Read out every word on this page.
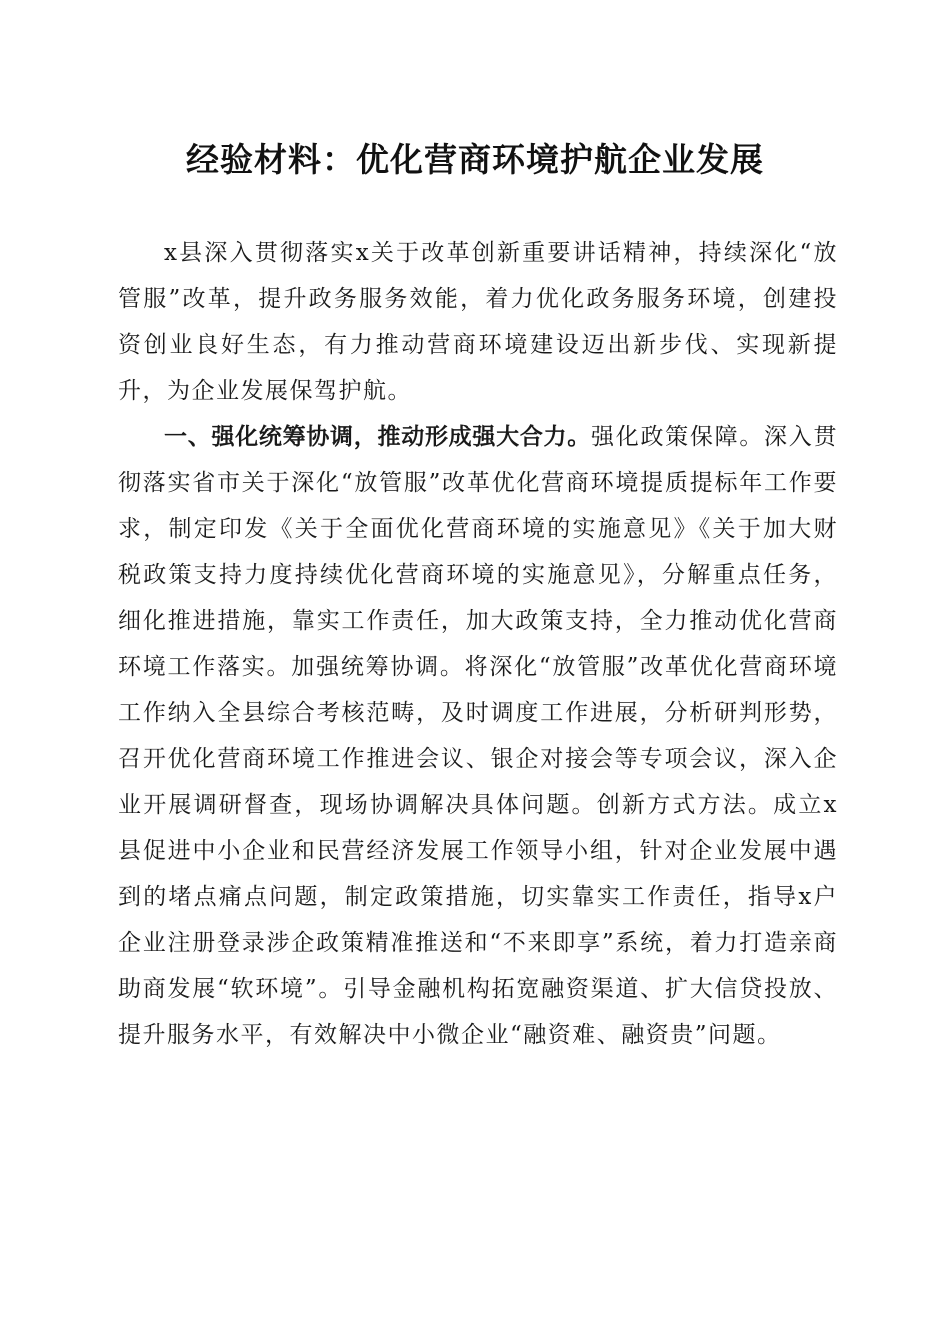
经验材料：优化营商环境护航企业发展

x县深入贯彻落实x关于改革创新重要讲话精神，持续深化“放管服”改革，提升政务服务效能，着力优化政务服务环境，创建投资创业良好生态，有力推动营商环境建设迈出新步伐、实现新提升，为企业发展保驾护航。

一、强化统筹协调，推动形成强大合力。强化政策保障。深入贯彻落实省市关于深化“放管服”改革优化营商环境提质提标年工作要求，制定印发《关于全面优化营商环境的实施意见》《关于加大财税政策支持力度持续优化营商环境的实施意见》，分解重点任务，细化推进措施，靠实工作责任，加大政策支持，全力推动优化营商环境工作落实。加强统筹协调。将深化“放管服”改革优化营商环境工作纳入全县综合考核范畴，及时调度工作进展，分析研判形势，召开优化营商环境工作推进会议、银企对接会等专项会议，深入企业开展调研督查，现场协调解决具体问题。创新方式方法。成立x县促进中小企业和民营经济发展工作领导小组，针对企业发展中遇到的堵点痛点问题，制定政策措施，切实靠实工作责任，指导x户企业注册登录涉企政策精准推送和“不来即享”系统，着力打造亲商助商发展“软环境”。引导金融机构拓宽融资渠道、扩大信贷投放、提升服务水平，有效解决中小微企业“融资难、融资贵”问题。
